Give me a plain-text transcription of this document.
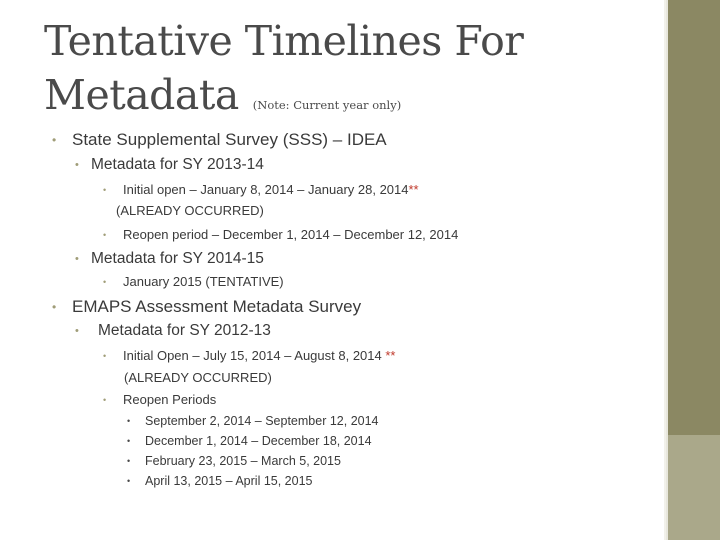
Tentative Timelines For
Metadata (Note: Current year only)
• State Supplemental Survey (SSS) – IDEA
• Metadata for SY 2013-14
• Initial open – January 8, 2014 – January 28, 2014**
(ALREADY OCCURRED)
• Reopen period – December 1, 2014 – December 12, 2014
• Metadata for SY 2014-15
• January 2015 (TENTATIVE)
• EMAPS Assessment Metadata Survey
• Metadata for SY 2012-13
• Initial Open – July 15, 2014 – August 8, 2014 **
(ALREADY OCCURRED)
• Reopen Periods
• September 2, 2014 – September 12, 2014
• December 1, 2014 – December 18, 2014
• February 23, 2015 – March 5, 2015
• April 13, 2015 – April 15, 2015
